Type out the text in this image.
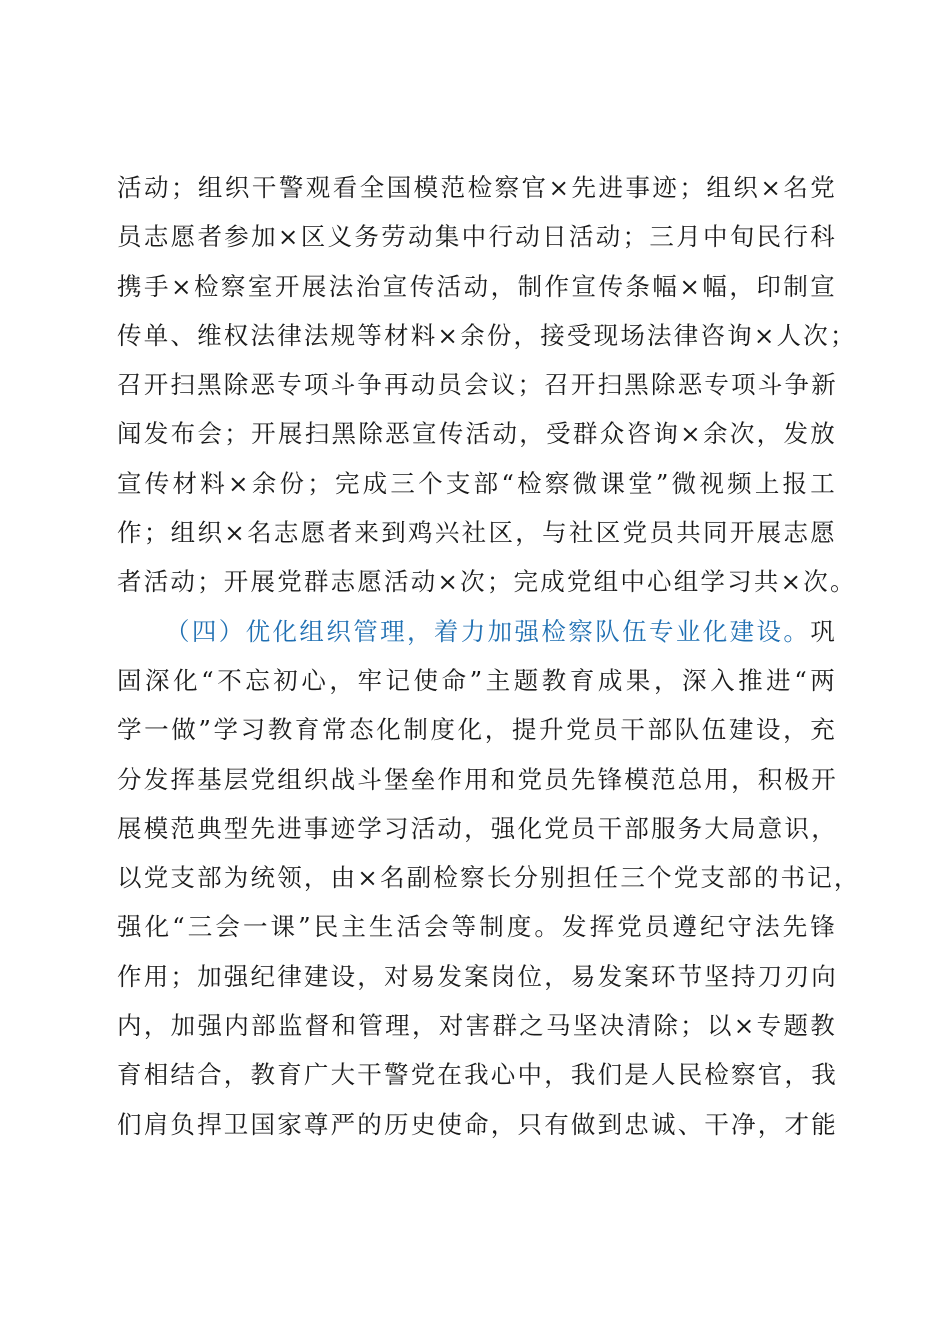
活动；组织干警观看全国模范检察官×先进事迹；组织×名党
员志愿者参加×区义务劳动集中行动日活动；三月中旬民行科
携手×检察室开展法治宣传活动，制作宣传条幅×幅，印制宣
传单、维权法律法规等材料×余份，接受现场法律咨询×人次；
召开扫黑除恶专项斗争再动员会议；召开扫黑除恶专项斗争新
闻发布会；开展扫黑除恶宣传活动，受群众咨询×余次，发放
宣传材料×余份；完成三个支部“检察微课堂”微视频上报工
作；组织×名志愿者来到鸡兴社区，与社区党员共同开展志愿
者活动；开展党群志愿活动×次；完成党组中心组学习共×次。
（四）优化组织管理，着力加强检察队伍专业化建设。巩
固深化“不忘初心，牢记使命”主题教育成果，深入推进“两
学一做”学习教育常态化制度化，提升党员干部队伍建设，充
分发挥基层党组织战斗堡垒作用和党员先锋模范总用，积极开
展模范典型先进事迹学习活动，强化党员干部服务大局意识，
以党支部为统领，由×名副检察长分别担任三个党支部的书记，
强化“三会一课”民主生活会等制度。发挥党员遵纪守法先锋
作用；加强纪律建设，对易发案岗位，易发案环节坚持刀刃向
内，加强内部监督和管理，对害群之马坚决清除；以×专题教
育相结合，教育广大干警党在我心中，我们是人民检察官，我
们肩负捍卫国家尊严的历史使命，只有做到忠诚、干净，才能
